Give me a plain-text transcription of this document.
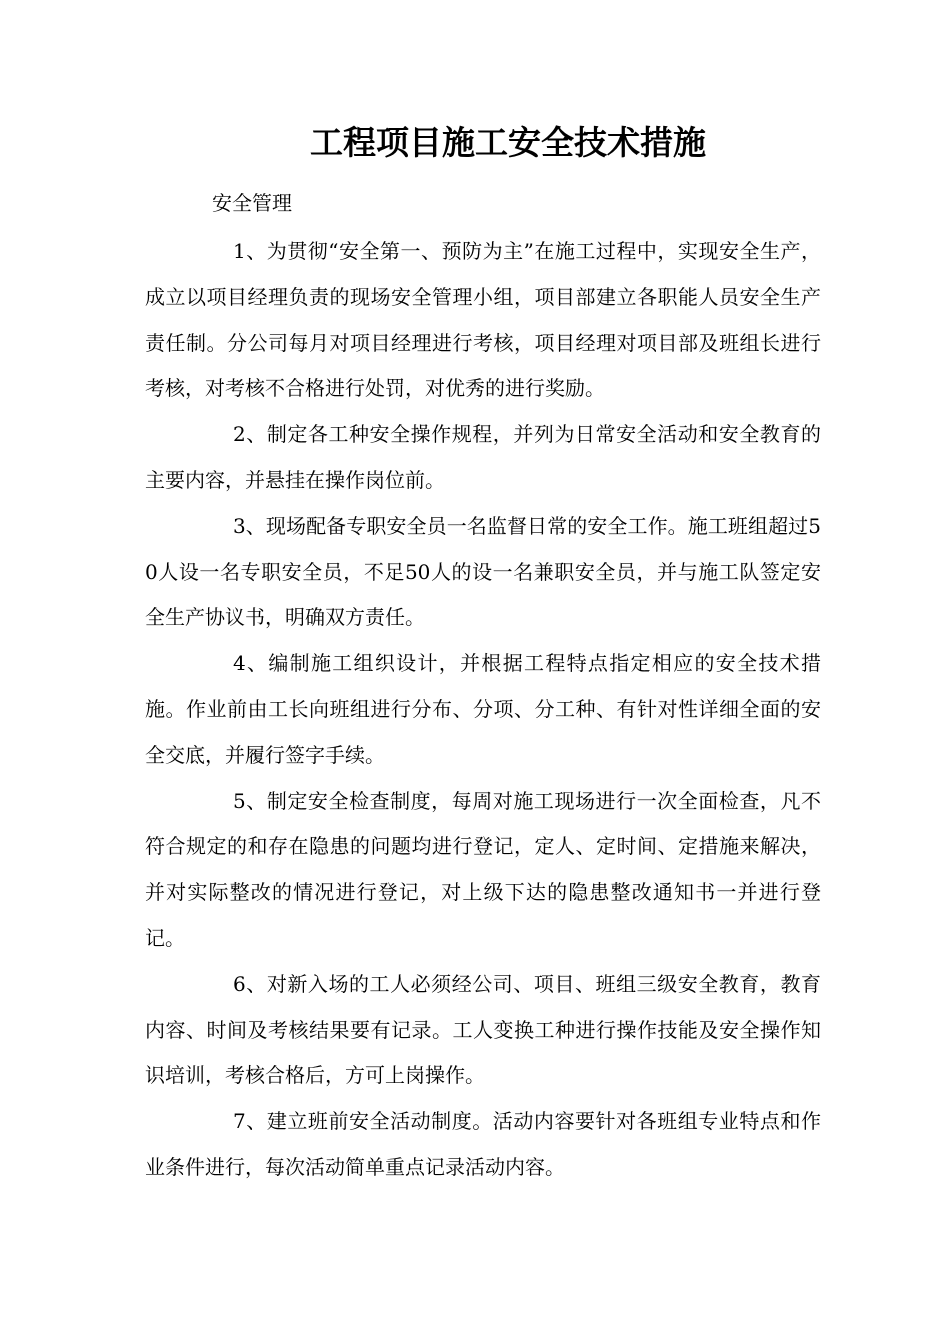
工程项目施工安全技术措施
安全管理

1、为贯彻“安全第一、预防为主”在施工过程中，实现安全生产，成立以项目经理负责的现场安全管理小组，项目部建立各职能人员安全生产责任制。分公司每月对项目经理进行考核，项目经理对项目部及班组长进行考核，对考核不合格进行处罚，对优秀的进行奖励。

2、制定各工种安全操作规程，并列为日常安全活动和安全教育的主要内容，并悬挂在操作岗位前。

3、现场配备专职安全员一名监督日常的安全工作。施工班组超过50人设一名专职安全员，不足50人的设一名兼职安全员，并与施工队签定安全生产协议书，明确双方责任。

4、编制施工组织设计，并根据工程特点指定相应的安全技术措施。作业前由工长向班组进行分布、分项、分工种、有针对性详细全面的安全交底，并履行签字手续。

5、制定安全检查制度，每周对施工现场进行一次全面检查，凡不符合规定的和存在隐患的问题均进行登记，定人、定时间、定措施来解决，并对实际整改的情况进行登记，对上级下达的隐患整改通知书一并进行登记。

6、对新入场的工人必须经公司、项目、班组三级安全教育，教育内容、时间及考核结果要有记录。工人变换工种进行操作技能及安全操作知识培训，考核合格后，方可上岗操作。

7、建立班前安全活动制度。活动内容要针对各班组专业特点和作业条件进行，每次活动简单重点记录活动内容。
